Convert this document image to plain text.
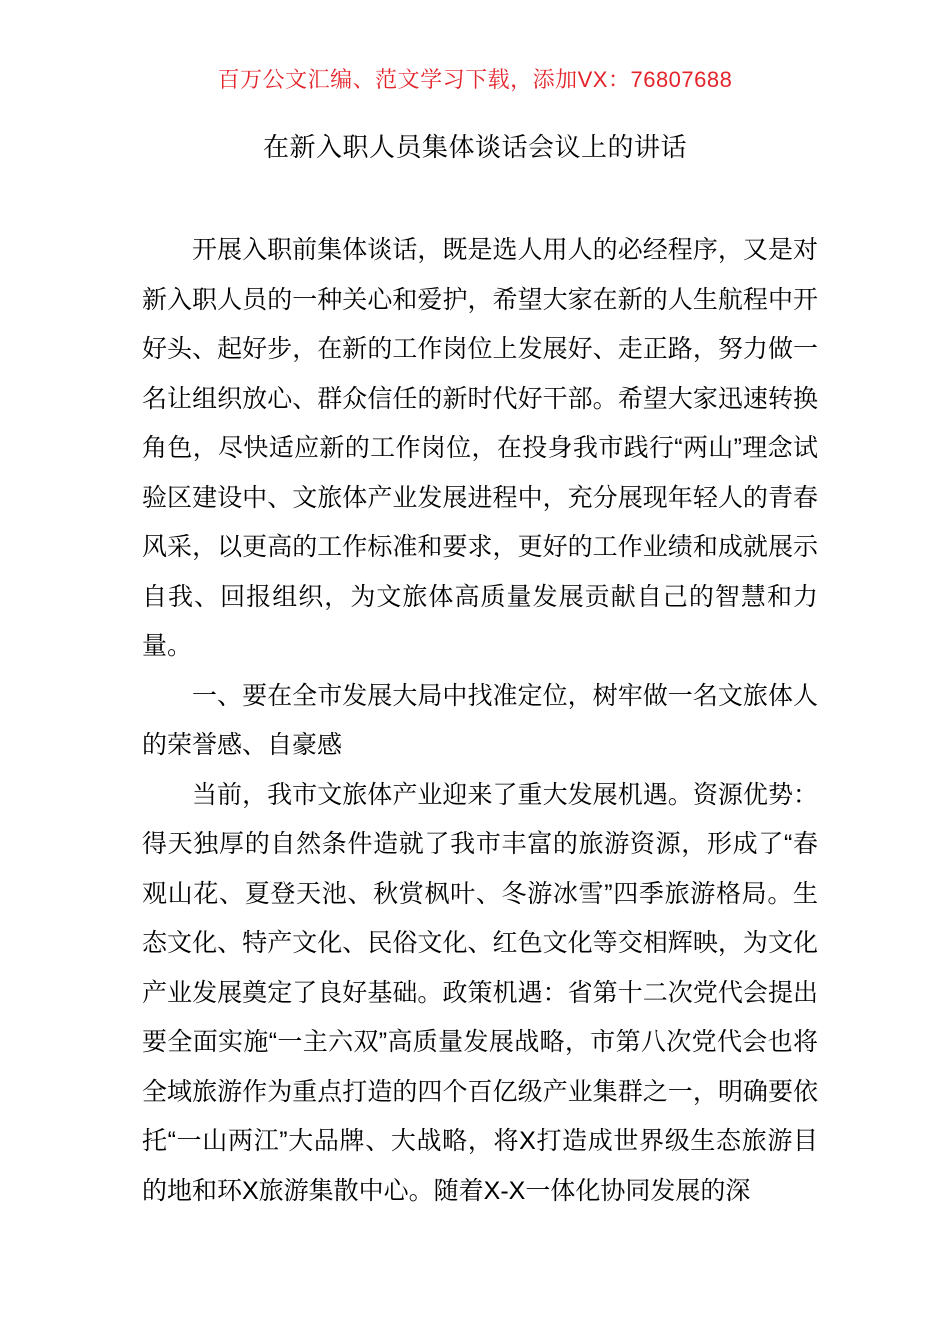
百万公文汇编、范文学习下载，添加VX：76807688
在新入职人员集体谈话会议上的讲话

开展入职前集体谈话，既是选人用人的必经程序，又是对新入职人员的一种关心和爱护，希望大家在新的人生航程中开好头、起好步，在新的工作岗位上发展好、走正路，努力做一名让组织放心、群众信任的新时代好干部。希望大家迅速转换角色，尽快适应新的工作岗位，在投身我市践行“两山”理念试验区建设中、文旅体产业发展进程中，充分展现年轻人的青春风采，以更高的工作标准和要求，更好的工作业绩和成就展示自我、回报组织，为文旅体高质量发展贡献自己的智慧和力量。

一、要在全市发展大局中找准定位，树牢做一名文旅体人的荣誉感、自豪感

当前，我市文旅体产业迎来了重大发展机遇。资源优势：得天独厚的自然条件造就了我市丰富的旅游资源，形成了“春观山花、夏登天池、秋赏枫叶、冬游冰雪”四季旅游格局。生态文化、特产文化、民俗文化、红色文化等交相辉映，为文化产业发展奠定了良好基础。政策机遇：省第十二次党代会提出要全面实施“一主六双”高质量发展战略，市第八次党代会也将全域旅游作为重点打造的四个百亿级产业集群之一，明确要依托“一山两江”大品牌、大战略，将X打造成世界级生态旅游目的地和环X旅游集散中心。随着X-X一体化协同发展的深
